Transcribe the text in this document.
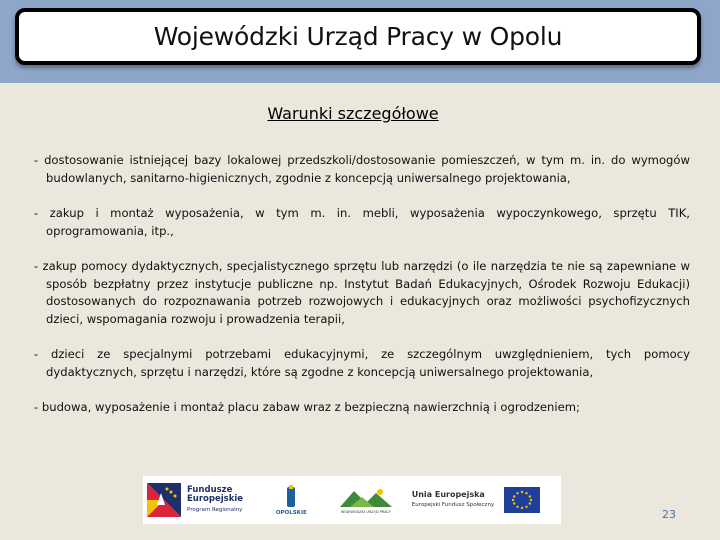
Wojewódzki Urząd Pracy w Opolu
Warunki szczegółowe

- dostosowanie istniejącej bazy lokalowej przedszkoli/dostosowanie pomieszczeń, w tym m. in. do wymogów budowlanych, sanitarno-higienicznych, zgodnie z koncepcją uniwersalnego projektowania,

- zakup i montaż wyposażenia, w tym m. in. mebli, wyposażenia wypoczynkowego, sprzętu TIK, oprogramowania, itp.,

- zakup pomocy dydaktycznych, specjalistycznego sprzętu lub narzędzi (o ile narzędzia te nie są zapewniane w sposób bezpłatny przez instytucje publiczne np. Instytut Badań Edukacyjnych, Ośrodek Rozwoju Edukacji) dostosowanych do rozpoznawania potrzeb rozwojowych i edukacyjnych oraz możliwości psychofizycznych dzieci, wspomagania rozwoju i prowadzenia terapii,

- dzieci ze specjalnymi potrzebami edukacyjnymi, ze szczególnym uwzględnieniem, tych pomocy dydaktycznych, sprzętu i narzędzi, które są zgodne z koncepcją uniwersalnego projektowania,

- budowa, wyposażenie i montaż placu zabaw wraz z bezpieczną nawierzchnią i ogrodzeniem;

Fundusze
Europejskie
Program Regionalny	OPOLSKIE	WOJEWÓDZKI URZĄD PRACY
Unia Europejska
Europejski Fundusz Społeczny
23
